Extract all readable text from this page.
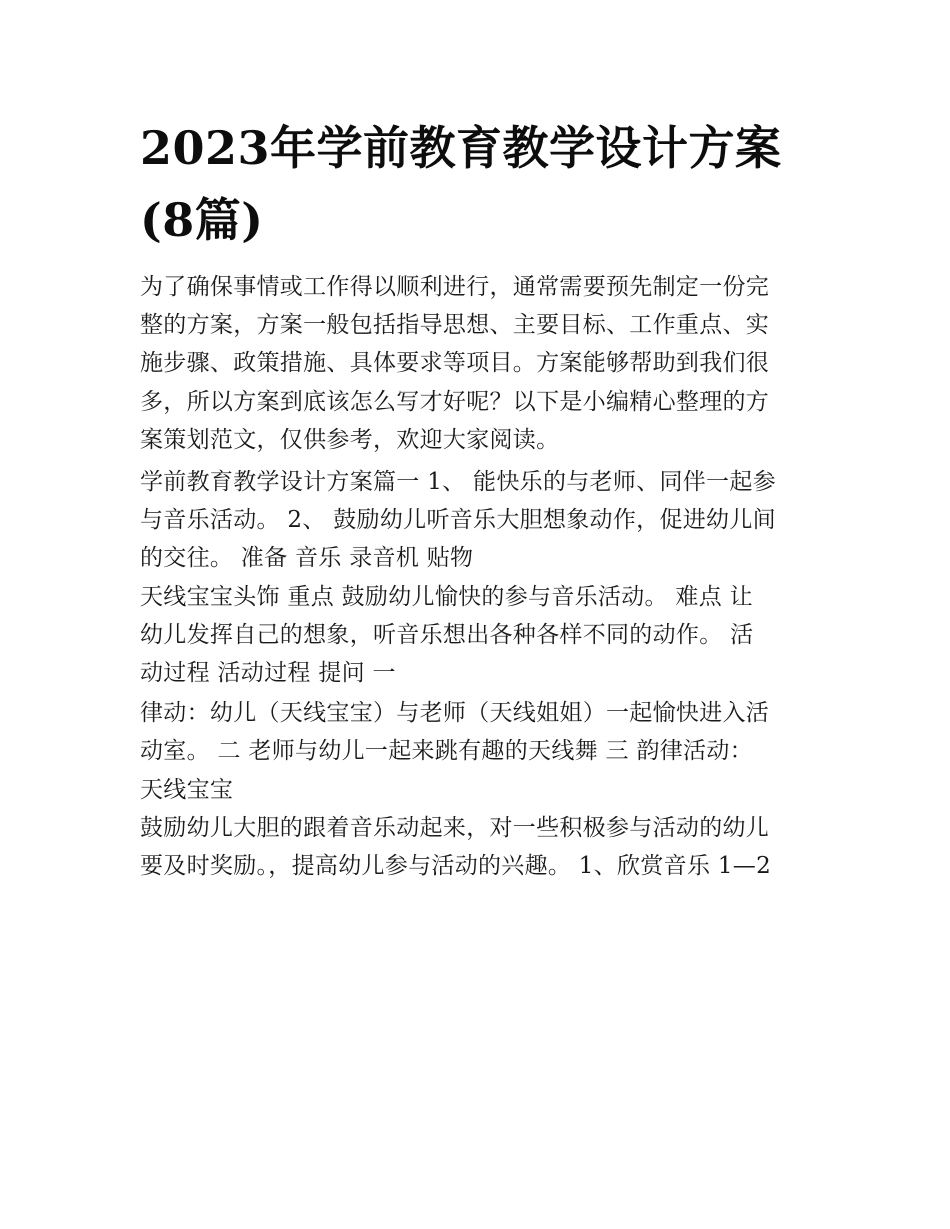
2023年学前教育教学设计方案
(8篇)

为了确保事情或工作得以顺利进行，通常需要预先制定一份完
整的方案，方案一般包括指导思想、主要目标、工作重点、实
施步骤、政策措施、具体要求等项目。方案能够帮助到我们很
多，所以方案到底该怎么写才好呢？以下是小编精心整理的方
案策划范文，仅供参考，欢迎大家阅读。

学前教育教学设计方案篇一 1、 能快乐的与老师、同伴一起参
与音乐活动。 2、 鼓励幼儿听音乐大胆想象动作，促进幼儿间
的交往。 准备 音乐 录音机 贴物

天线宝宝头饰 重点 鼓励幼儿愉快的参与音乐活动。 难点 让
幼儿发挥自己的想象，听音乐想出各种各样不同的动作。 活
动过程 活动过程 提问 一

律动：幼儿（天线宝宝）与老师（天线姐姐）一起愉快进入活
动室。 二 老师与幼儿一起来跳有趣的天线舞 三 韵律活动：
天线宝宝

鼓励幼儿大胆的跟着音乐动起来，对一些积极参与活动的幼儿
要及时奖励。，提高幼儿参与活动的兴趣。 1、欣赏音乐 1—2
